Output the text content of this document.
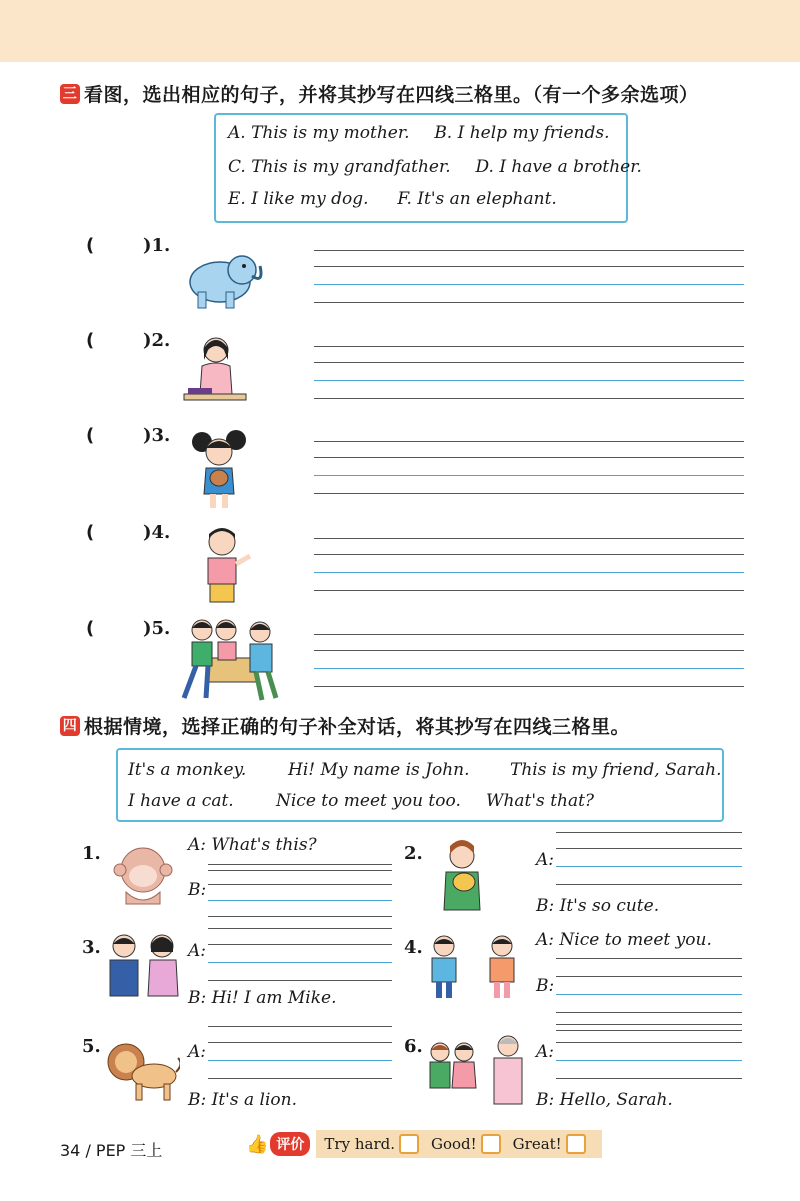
三 看图，选出相应的句子，并将其抄写在四线三格里。（有一个多余选项）
A. This is my mother. B. I help my friends.
C. This is my grandfather. D. I have a brother.
E. I like my dog. F. It's an elephant.
(	)1.
(	)2.
(	)3.
(	)4.
(	)5.
四 根据情境，选择正确的句子补全对话，将其抄写在四线三格里。
It's a monkey. Hi! My name is John. This is my friend, Sarah.
I have a cat. Nice to meet you too. What's that?
1.	A: What's this?
B:
2.	A:
B: It's so cute.
3.	A:
B: Hi! I am Mike.
4.	A: Nice to meet you.
B:
5.	A:
B: It's a lion.
6.	A:
B: Hello, Sarah.
34 / PEP 三上	👍 评价	Try hard. Good! Great!
